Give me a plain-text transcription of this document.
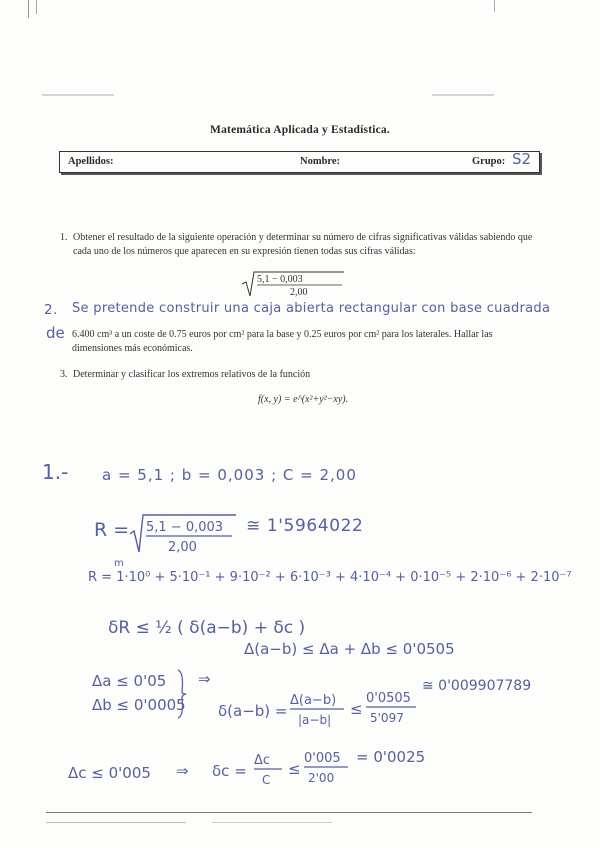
Matemática Aplicada y Estadística.
Apellidos:	Nombre:	Grupo: S2
1. Obtener el resultado de la siguiente operación y determinar su número de cifras significativas válidas sabiendo que cada uno de los números que aparecen en su expresión tienen todas sus cifras válidas:
5,1 − 0,003
2,00
2. Se pretende construir una caja abierta rectangular con base cuadrada
de 6.400 cm³ a un coste de 0.75 euros por cm² para la base y 0.25 euros por cm² para los laterales. Hallar las dimensiones más económicas.
3. Determinar y clasificar los extremos relativos de la función
f(x, y) = e^(x²+y²−xy).
1.- a = 5,1 ; b = 0,003 ; C = 2,00
R = 5,1 − 0,003
2,00
≅ 1'5964022
m
R = 1·10⁰ + 5·10⁻¹ + 9·10⁻² + 6·10⁻³ + 4·10⁻⁴ + 0·10⁻⁵ + 2·10⁻⁶ + 2·10⁻⁷
δR ≤ ½ ( δ(a−b) + δc )
Δa ≤ 0'05
Δb ≤ 0'0005
⇒
Δ(a−b) ≤ Δa + Δb ≤ 0'0505
δ(a−b) =
Δ(a−b)
|a−b|
≤
0'0505
5'097
≅ 0'009907789
Δc ≤ 0'005 ⇒ δc =
Δc
C
≤
0'005
2'00
= 0'0025
